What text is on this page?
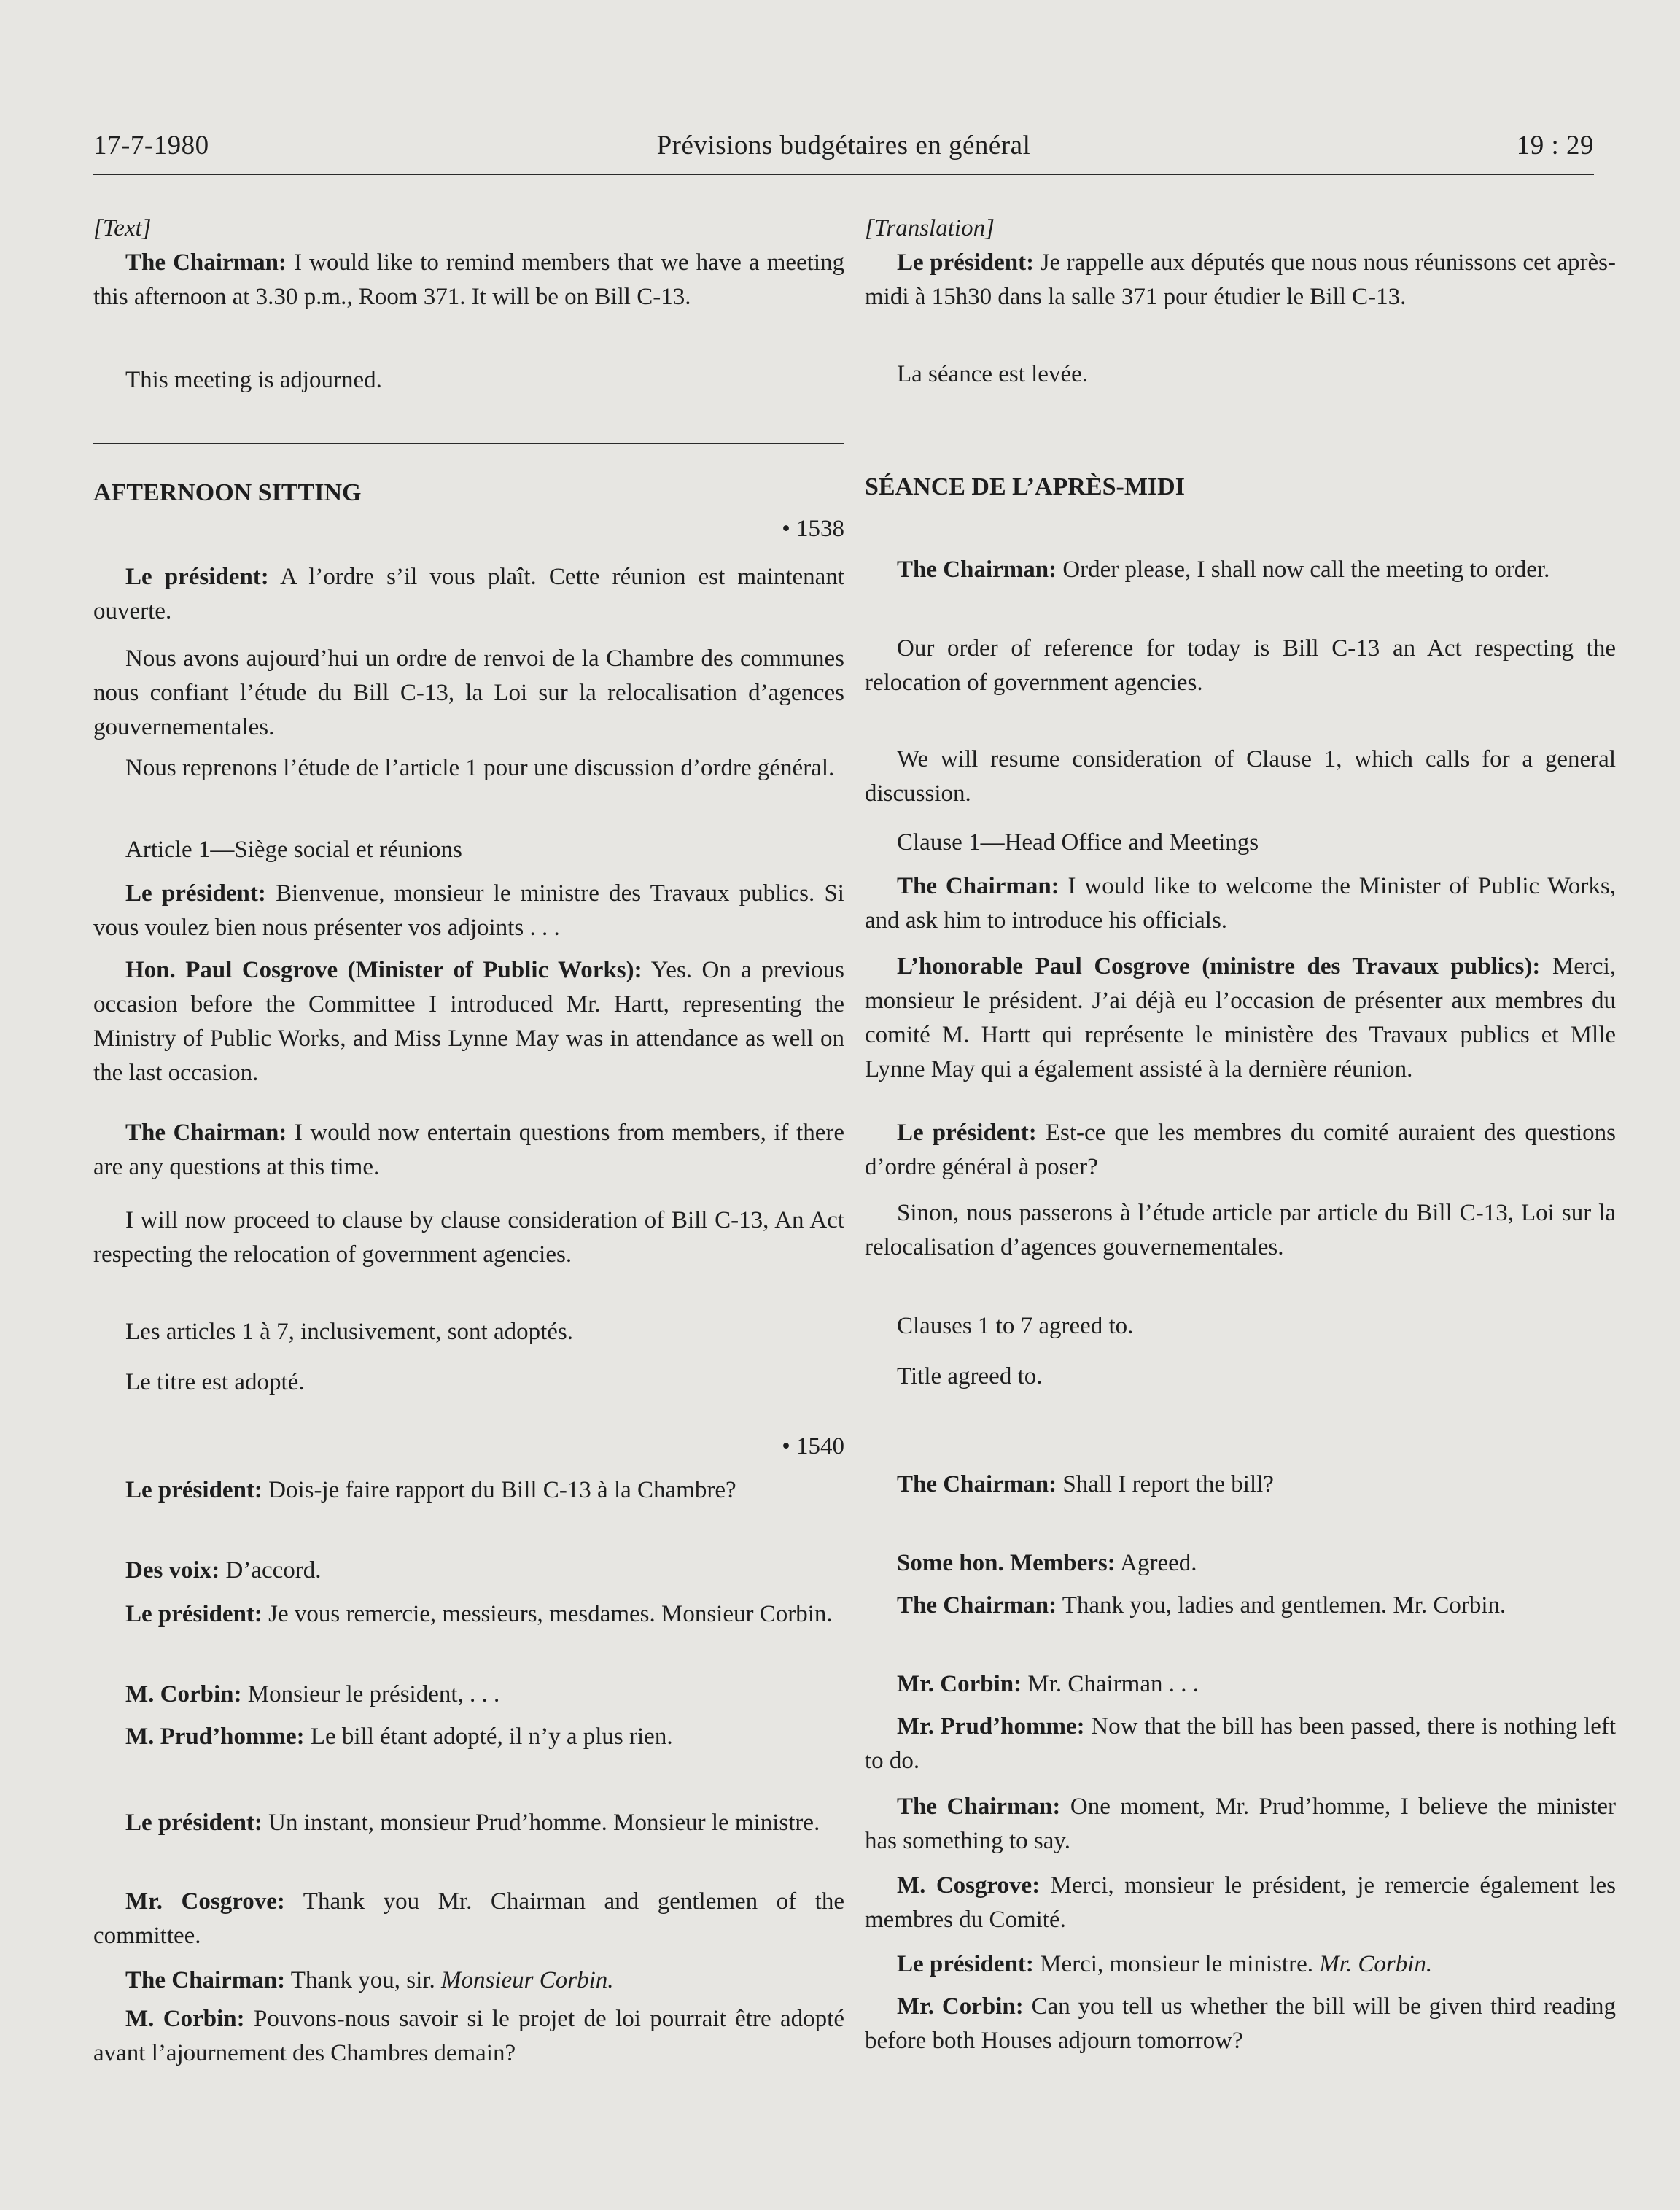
17-7-1980	Prévisions budgétaires en général	19 : 29

[Text]

The Chairman: I would like to remind members that we have a meeting this afternoon at 3.30 p.m., Room 371. It will be on Bill C-13.

This meeting is adjourned.

AFTERNOON SITTING

• 1538

Le président: A l’ordre s’il vous plaît. Cette réunion est maintenant ouverte.

Nous avons aujourd’hui un ordre de renvoi de la Chambre des communes nous confiant l’étude du Bill C-13, la Loi sur la relocalisation d’agences gouvernementales.

Nous reprenons l’étude de l’article 1 pour une discussion d’ordre général.

Article 1—Siège social et réunions

Le président: Bienvenue, monsieur le ministre des Travaux publics. Si vous voulez bien nous présenter vos adjoints . . .

Hon. Paul Cosgrove (Minister of Public Works): Yes. On a previous occasion before the Committee I introduced Mr. Hartt, representing the Ministry of Public Works, and Miss Lynne May was in attendance as well on the last occasion.

The Chairman: I would now entertain questions from members, if there are any questions at this time.

I will now proceed to clause by clause consideration of Bill C-13, An Act respecting the relocation of government agencies.

Les articles 1 à 7, inclusivement, sont adoptés.

Le titre est adopté.

• 1540

Le président: Dois-je faire rapport du Bill C-13 à la Chambre?

Des voix: D’accord.

Le président: Je vous remercie, messieurs, mesdames. Monsieur Corbin.

M. Corbin: Monsieur le président, . . .

M. Prud’homme: Le bill étant adopté, il n’y a plus rien.

Le président: Un instant, monsieur Prud’homme. Monsieur le ministre.

Mr. Cosgrove: Thank you Mr. Chairman and gentlemen of the committee.

The Chairman: Thank you, sir. Monsieur Corbin.

M. Corbin: Pouvons-nous savoir si le projet de loi pourrait être adopté avant l’ajournement des Chambres demain?

[Translation]

Le président: Je rappelle aux députés que nous nous réunissons cet après-midi à 15h30 dans la salle 371 pour étudier le Bill C-13.

La séance est levée.

SÉANCE DE L’APRÈS-MIDI

The Chairman: Order please, I shall now call the meeting to order.

Our order of reference for today is Bill C-13 an Act respecting the relocation of government agencies.

We will resume consideration of Clause 1, which calls for a general discussion.

Clause 1—Head Office and Meetings

The Chairman: I would like to welcome the Minister of Public Works, and ask him to introduce his officials.

L’honorable Paul Cosgrove (ministre des Travaux publics): Merci, monsieur le président. J’ai déjà eu l’occasion de présenter aux membres du comité M. Hartt qui représente le ministère des Travaux publics et Mlle Lynne May qui a également assisté à la dernière réunion.

Le président: Est-ce que les membres du comité auraient des questions d’ordre général à poser?

Sinon, nous passerons à l’étude article par article du Bill C-13, Loi sur la relocalisation d’agences gouvernementales.

Clauses 1 to 7 agreed to.

Title agreed to.

The Chairman: Shall I report the bill?

Some hon. Members: Agreed.

The Chairman: Thank you, ladies and gentlemen. Mr. Corbin.

Mr. Corbin: Mr. Chairman . . .

Mr. Prud’homme: Now that the bill has been passed, there is nothing left to do.

The Chairman: One moment, Mr. Prud’homme, I believe the minister has something to say.

M. Cosgrove: Merci, monsieur le président, je remercie également les membres du Comité.

Le président: Merci, monsieur le ministre. Mr. Corbin.

Mr. Corbin: Can you tell us whether the bill will be given third reading before both Houses adjourn tomorrow?
